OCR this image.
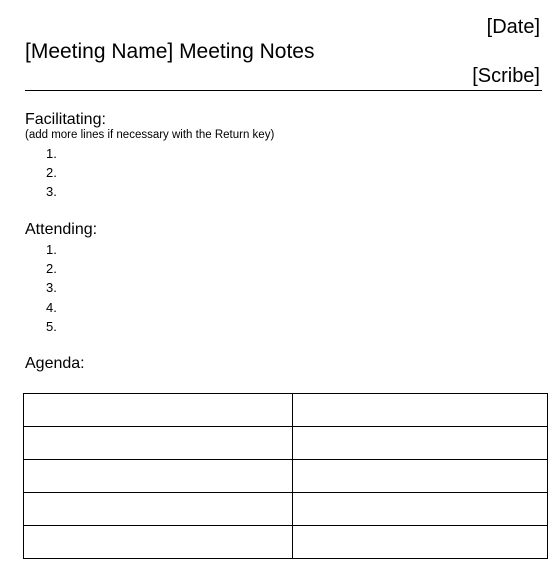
[Date]
[Meeting Name] Meeting Notes
[Scribe]
Facilitating:
(add more lines if necessary with the Return key)
1.
2.
3.
Attending:
1.
2.
3.
4.
5.
Agenda:
